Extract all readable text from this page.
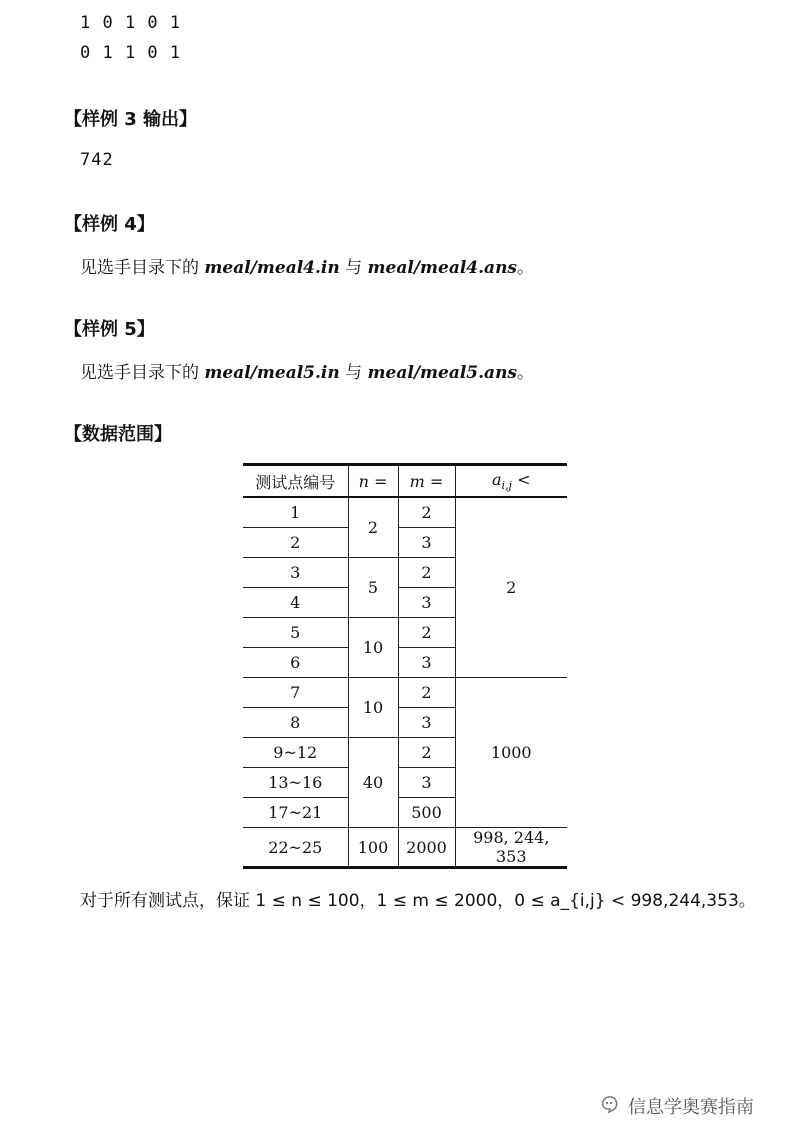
1 0 1 0 1
0 1 1 0 1
【样例 3 输出】
742
【样例 4】
见选手目录下的 meal/meal4.in 与 meal/meal4.ans。
【样例 5】
见选手目录下的 meal/meal5.in 与 meal/meal5.ans。
【数据范围】
测试点编号	n =	m =	$a_{i,j}$ <
1	2	2	2
2		3	
3	5	2	
4		3	
5	10	2	
6		3	
7	10	2	1000
8		3	
9~12	40	2	
13~16		3	
17~21		500	
22~25	100	2000	998, 244, 353
对于所有测试点，保证 1 ≤ n ≤ 100，1 ≤ m ≤ 2000，0 ≤ a_{i,j} < 998,244,353。
信息学奥赛指南
